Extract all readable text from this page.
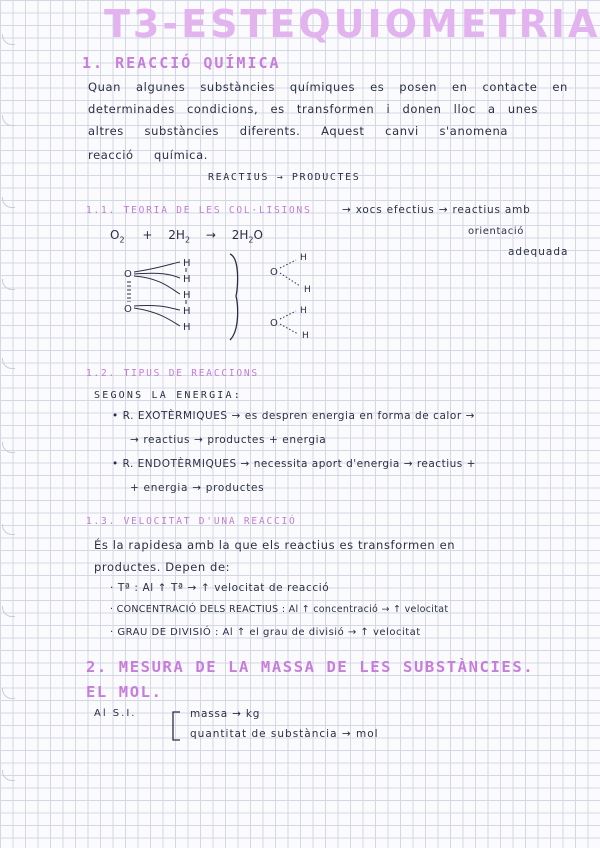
T3-ESTEQUIOMETRIA
1. REACCIÓ QUÍMICA
Quan algunes substàncies químiques es posen en contacte en
determinades condicions, es transformen i donen lloc a unes
altres substàncies diferents. Aquest canvi s'anomena
reacció química.
REACTIUS → PRODUCTES
1.1. TEORIA DE LES COL·LISIONS	→ xocs efectius → reactius amb
orientació
adequada
$O_2 + 2H_2 \to 2H_2O$
O
O
H
H
H
H
H
O
O
H
H
H
H
1.2. TIPUS DE REACCIONS
SEGONS LA ENERGIA:
• R. EXOTÈRMIQUES → es despren energia en forma de calor →
→ reactius → productes + energia
• R. ENDOTÈRMIQUES → necessita aport d'energia → reactius +
+ energia → productes
1.3. VELOCITAT D'UNA REACCIÓ
És la rapidesa amb la que els reactius es transformen en
productes. Depen de:
· Tª : Al ↑ Tª → ↑ velocitat de reacció
· CONCENTRACIÓ DELS REACTIUS : Al ↑ concentració → ↑ velocitat
· GRAU DE DIVISIÓ : Al ↑ el grau de divisió → ↑ velocitat
2. MESURA DE LA MASSA DE LES SUBSTÀNCIES.
EL MOL.
Al S.I.	massa → kg
quantitat de substància → mol
